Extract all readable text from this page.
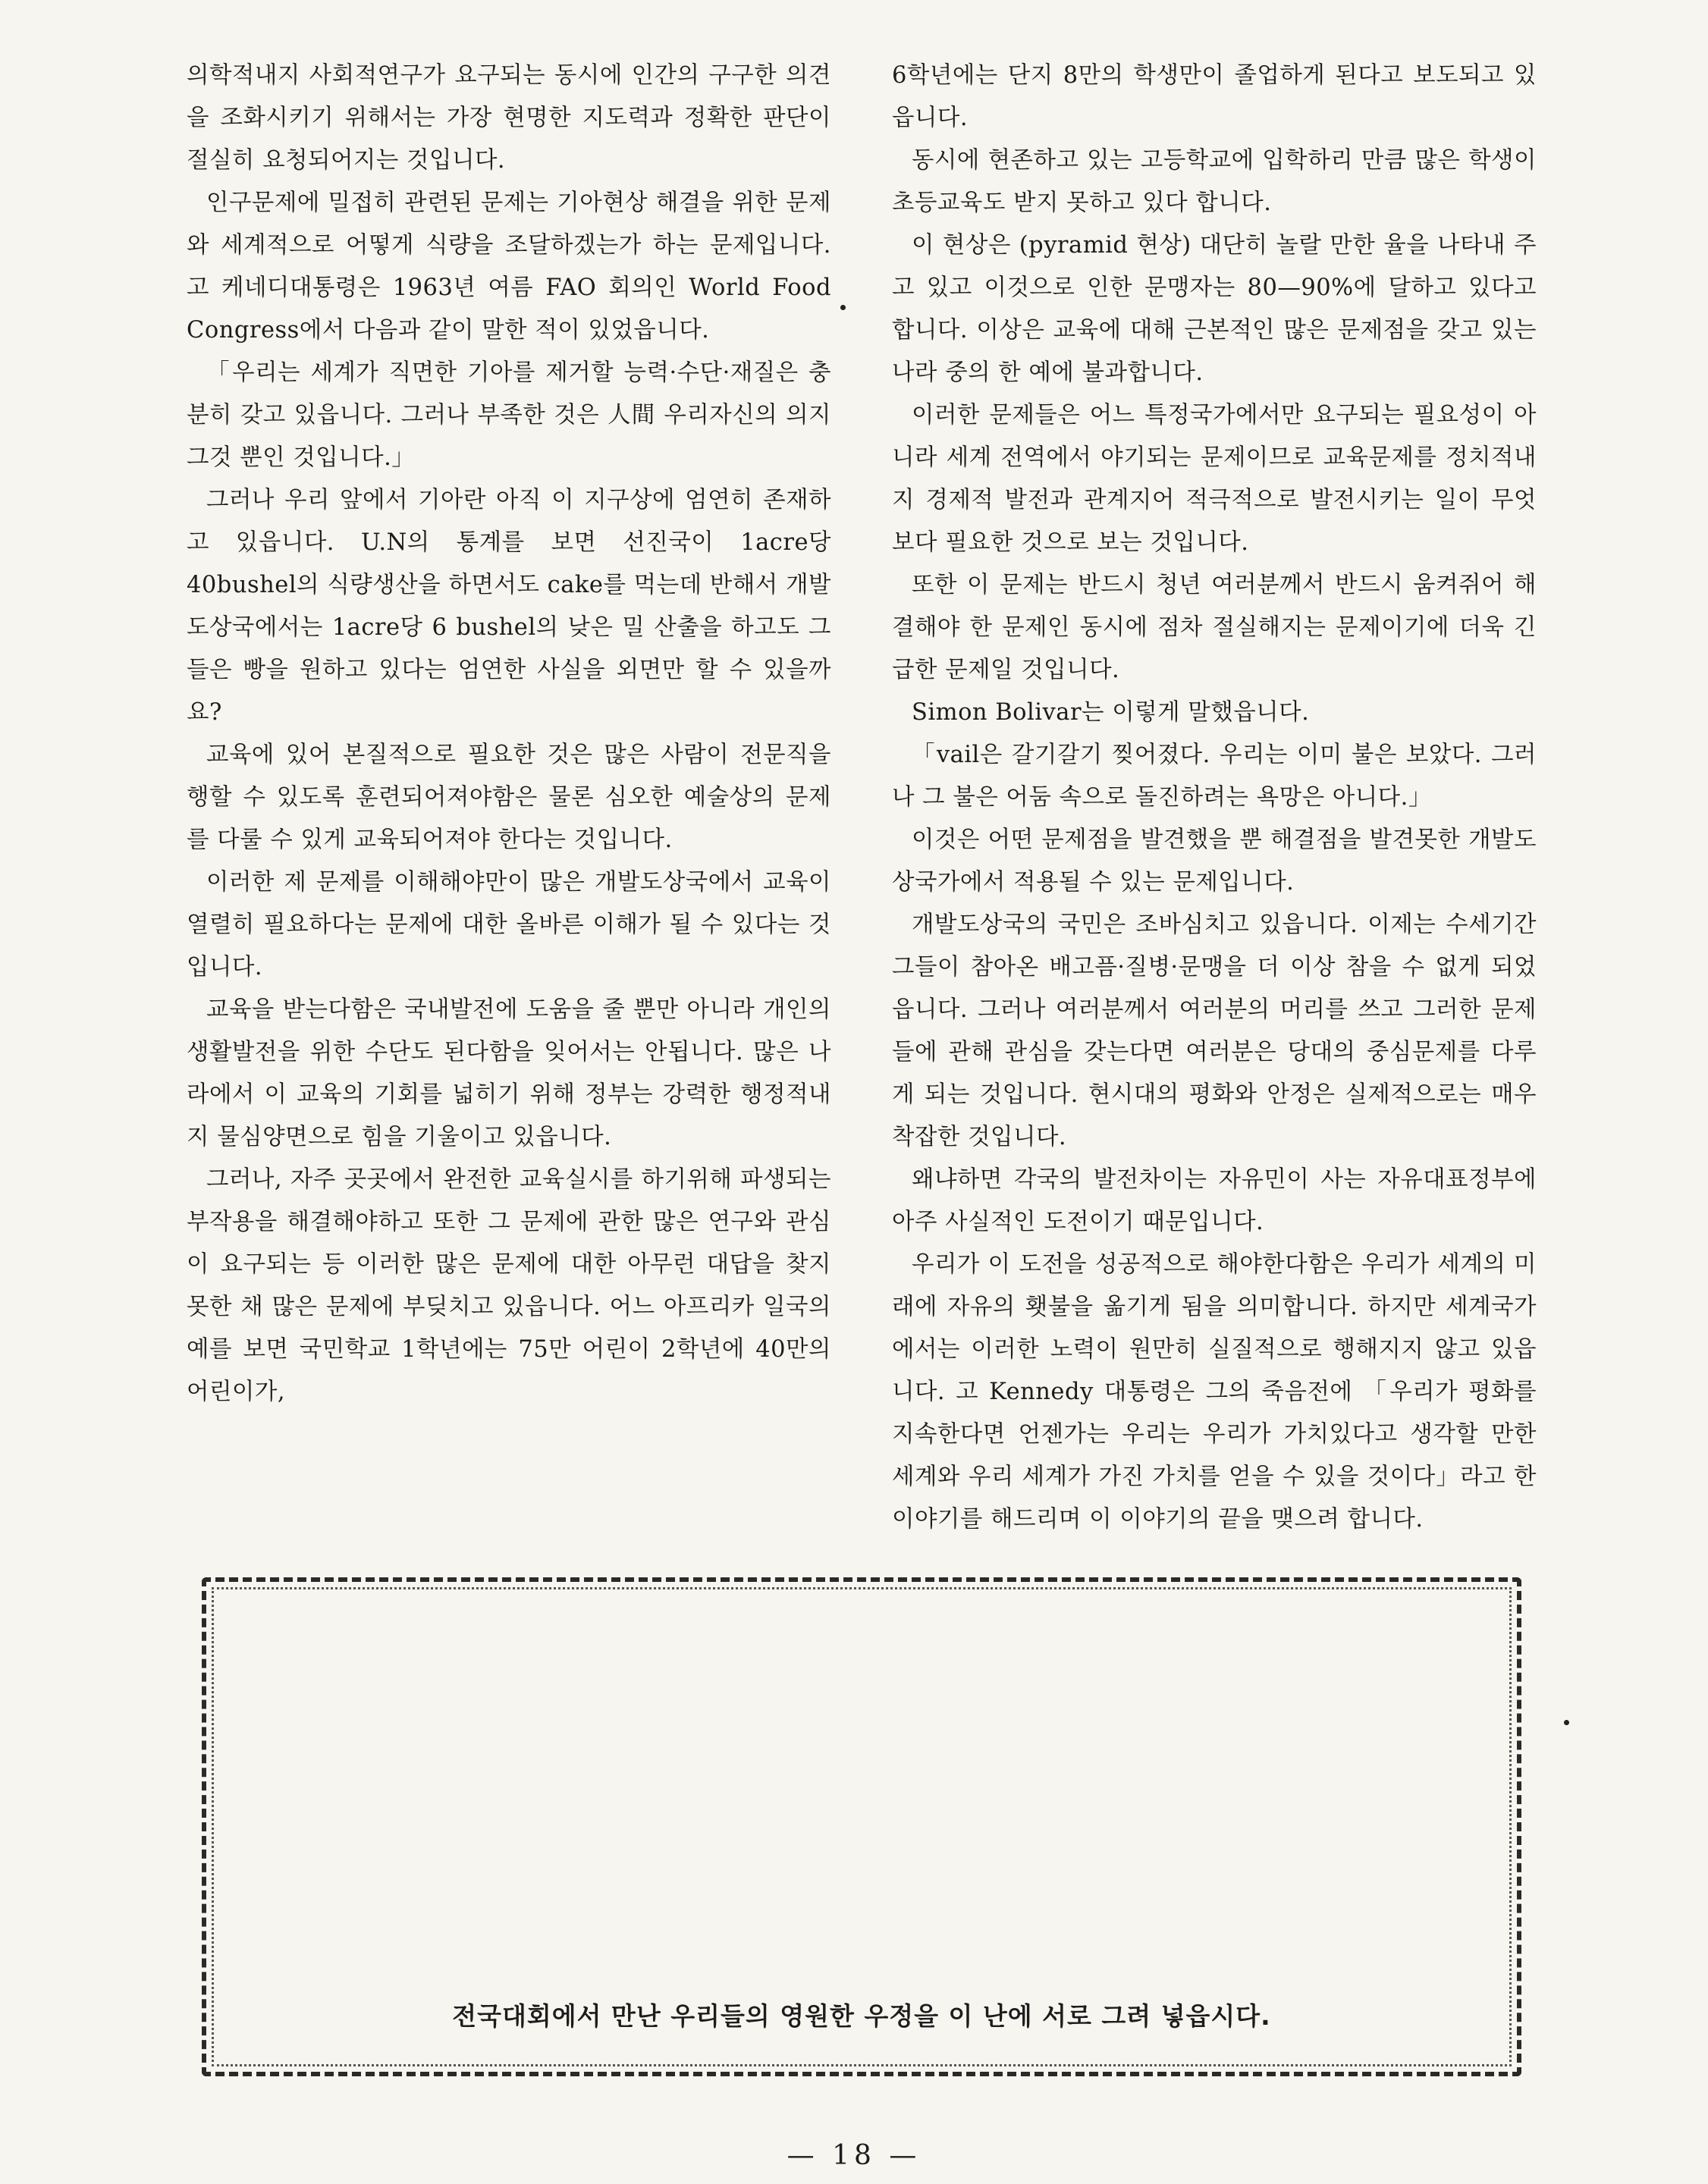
의학적내지 사회적연구가 요구되는 동시에 인간의 구구한 의견을 조화시키기 위해서는 가장 현명한 지도력과 정확한 판단이 절실히 요청되어지는 것입니다.

인구문제에 밀접히 관련된 문제는 기아현상 해결을 위한 문제와 세계적으로 어떻게 식량을 조달하겠는가 하는 문제입니다. 고 케네디대통령은 1963년 여름 FAO 회의인 World Food Congress에서 다음과 같이 말한 적이 있었읍니다.

「우리는 세계가 직면한 기아를 제거할 능력·수단·재질은 충분히 갖고 있읍니다. 그러나 부족한 것은 人間 우리자신의 의지 그것 뿐인 것입니다.」

그러나 우리 앞에서 기아란 아직 이 지구상에 엄연히 존재하고 있읍니다. U.N의 통계를 보면 선진국이 1acre당 40bushel의 식량생산을 하면서도 cake를 먹는데 반해서 개발도상국에서는 1acre당 6 bushel의 낮은 밀 산출을 하고도 그들은 빵을 원하고 있다는 엄연한 사실을 외면만 할 수 있을까요?

교육에 있어 본질적으로 필요한 것은 많은 사람이 전문직을 행할 수 있도록 훈련되어져야함은 물론 심오한 예술상의 문제를 다룰 수 있게 교육되어져야 한다는 것입니다.

이러한 제 문제를 이해해야만이 많은 개발도상국에서 교육이 열렬히 필요하다는 문제에 대한 올바른 이해가 될 수 있다는 것입니다.

교육을 받는다함은 국내발전에 도움을 줄 뿐만 아니라 개인의 생활발전을 위한 수단도 된다함을 잊어서는 안됩니다. 많은 나라에서 이 교육의 기회를 넓히기 위해 정부는 강력한 행정적내지 물심양면으로 힘을 기울이고 있읍니다.

그러나, 자주 곳곳에서 완전한 교육실시를 하기위해 파생되는 부작용을 해결해야하고 또한 그 문제에 관한 많은 연구와 관심이 요구되는 등 이러한 많은 문제에 대한 아무런 대답을 찾지 못한 채 많은 문제에 부딪치고 있읍니다. 어느 아프리카 일국의 예를 보면 국민학교 1학년에는 75만 어린이 2학년에 40만의 어린이가,

6학년에는 단지 8만의 학생만이 졸업하게 된다고 보도되고 있읍니다.

동시에 현존하고 있는 고등학교에 입학하리 만큼 많은 학생이 초등교육도 받지 못하고 있다 합니다.

이 현상은 (pyramid 현상) 대단히 놀랄 만한 율을 나타내 주고 있고 이것으로 인한 문맹자는 80—90%에 달하고 있다고 합니다. 이상은 교육에 대해 근본적인 많은 문제점을 갖고 있는 나라 중의 한 예에 불과합니다.

이러한 문제들은 어느 특정국가에서만 요구되는 필요성이 아니라 세계 전역에서 야기되는 문제이므로 교육문제를 정치적내지 경제적 발전과 관계지어 적극적으로 발전시키는 일이 무엇보다 필요한 것으로 보는 것입니다.

또한 이 문제는 반드시 청년 여러분께서 반드시 움켜쥐어 해결해야 한 문제인 동시에 점차 절실해지는 문제이기에 더욱 긴급한 문제일 것입니다.

Simon Bolivar는 이렇게 말했읍니다.

「vail은 갈기갈기 찢어졌다. 우리는 이미 불은 보았다. 그러나 그 불은 어둠 속으로 돌진하려는 욕망은 아니다.」

이것은 어떤 문제점을 발견했을 뿐 해결점을 발견못한 개발도상국가에서 적용될 수 있는 문제입니다.

개발도상국의 국민은 조바심치고 있읍니다. 이제는 수세기간 그들이 참아온 배고픔·질병·문맹을 더 이상 참을 수 없게 되었읍니다. 그러나 여러분께서 여러분의 머리를 쓰고 그러한 문제들에 관해 관심을 갖는다면 여러분은 당대의 중심문제를 다루게 되는 것입니다. 현시대의 평화와 안정은 실제적으로는 매우 착잡한 것입니다.

왜냐하면 각국의 발전차이는 자유민이 사는 자유대표정부에 아주 사실적인 도전이기 때문입니다.

우리가 이 도전을 성공적으로 해야한다함은 우리가 세계의 미래에 자유의 횃불을 옮기게 됨을 의미합니다. 하지만 세계국가에서는 이러한 노력이 원만히 실질적으로 행해지지 않고 있읍니다. 고 Kennedy 대통령은 그의 죽음전에 「우리가 평화를 지속한다면 언젠가는 우리는 우리가 가치있다고 생각할 만한 세계와 우리 세계가 가진 가치를 얻을 수 있을 것이다」라고 한 이야기를 해드리며 이 이야기의 끝을 맺으려 합니다.

전국대회에서 만난 우리들의 영원한 우정을 이 난에 서로 그려 넣읍시다.
— 18 —
